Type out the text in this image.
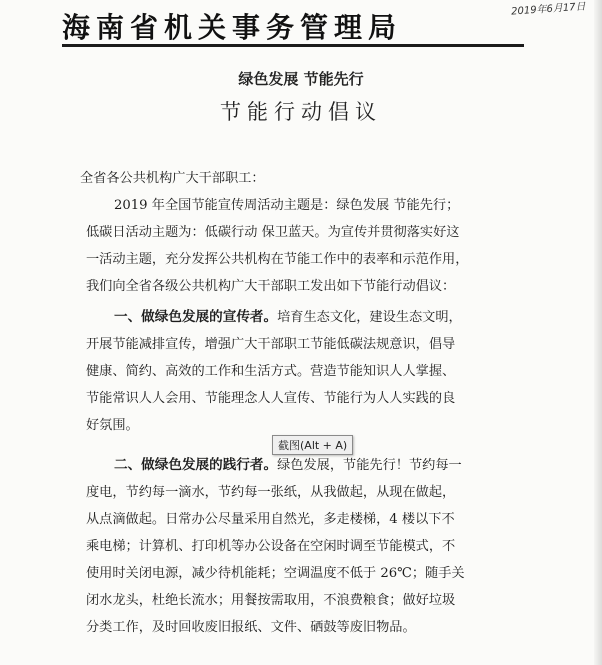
海南省机关事务管理局
2019年6月17日
绿色发展 节能先行
节能行动倡议
全省各公共机构广大干部职工：
2019 年全国节能宣传周活动主题是：绿色发展 节能先行；
低碳日活动主题为：低碳行动 保卫蓝天。为宣传并贯彻落实好这
一活动主题，充分发挥公共机构在节能工作中的表率和示范作用，
我们向全省各级公共机构广大干部职工发出如下节能行动倡议：
一、做绿色发展的宣传者。培育生态文化，建设生态文明，
开展节能减排宣传，增强广大干部职工节能低碳法规意识，倡导
健康、简约、高效的工作和生活方式。营造节能知识人人掌握、
节能常识人人会用、节能理念人人宣传、节能行为人人实践的良
好氛围。
截图(Alt + A)
二、做绿色发展的践行者。绿色发展，节能先行！节约每一
度电，节约每一滴水，节约每一张纸，从我做起，从现在做起，
从点滴做起。日常办公尽量采用自然光，多走楼梯，4 楼以下不
乘电梯；计算机、打印机等办公设备在空闲时调至节能模式，不
使用时关闭电源，减少待机能耗；空调温度不低于 26℃；随手关
闭水龙头，杜绝长流水；用餐按需取用，不浪费粮食；做好垃圾
分类工作，及时回收废旧报纸、文件、硒鼓等废旧物品。
